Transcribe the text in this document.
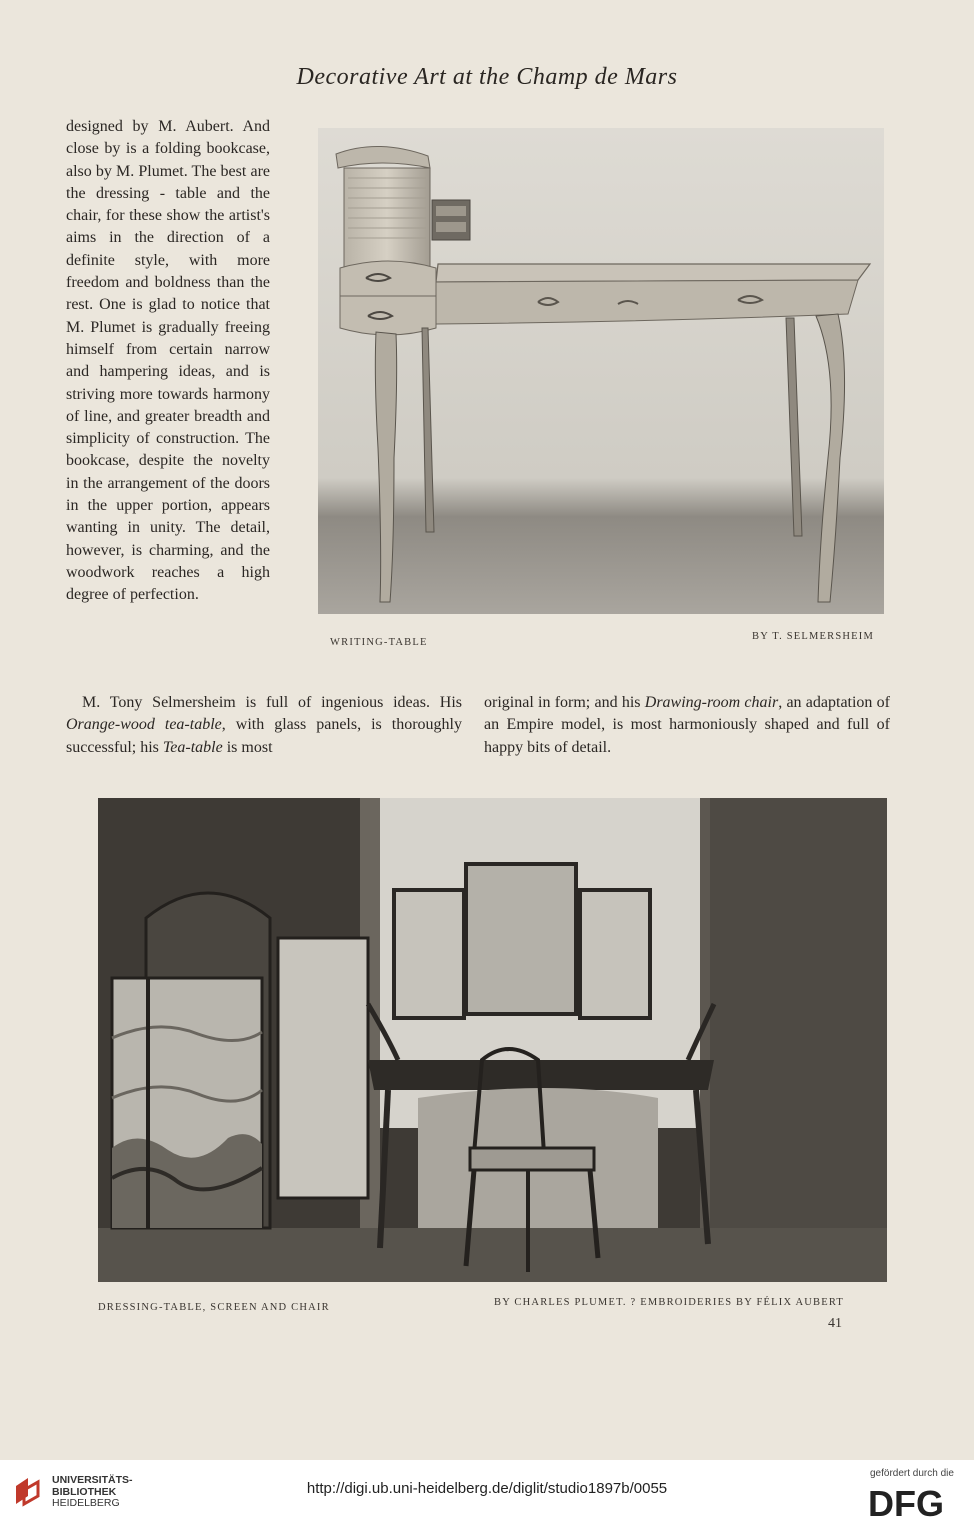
Decorative Art at the Champ de Mars

designed by M. Aubert. And close by is a folding bookcase, also by M. Plumet. The best are the dressing - table and the chair, for these show the artist's aims in the direction of a definite style, with more freedom and boldness than the rest. One is glad to notice that M. Plumet is gradually freeing himself from certain narrow and hampering ideas, and is striving more towards harmony of line, and greater breadth and simplicity of construction. The bookcase, despite the novelty in the arrangement of the doors in the upper portion, appears wanting in unity. The detail, however, is charming, and the woodwork reaches a high degree of perfection.

WRITING-TABLE
BY T. SELMERSHEIM

M. Tony Selmersheim is full of ingenious ideas. His Orange-wood tea-table, with glass panels, is thoroughly successful; his Tea-table is most

original in form; and his Drawing-room chair, an adaptation of an Empire model, is most harmoniously shaped and full of happy bits of detail.

DRESSING-TABLE, SCREEN AND CHAIR	BY CHARLES PLUMET. ? EMBROIDERIES BY FÉLIX AUBERT
41
UNIVERSITÄTS-
BIBLIOTHEK
HEIDELBERG
http://digi.ub.uni-heidelberg.de/diglit/studio1897b/0055
gefördert durch die
DFG
